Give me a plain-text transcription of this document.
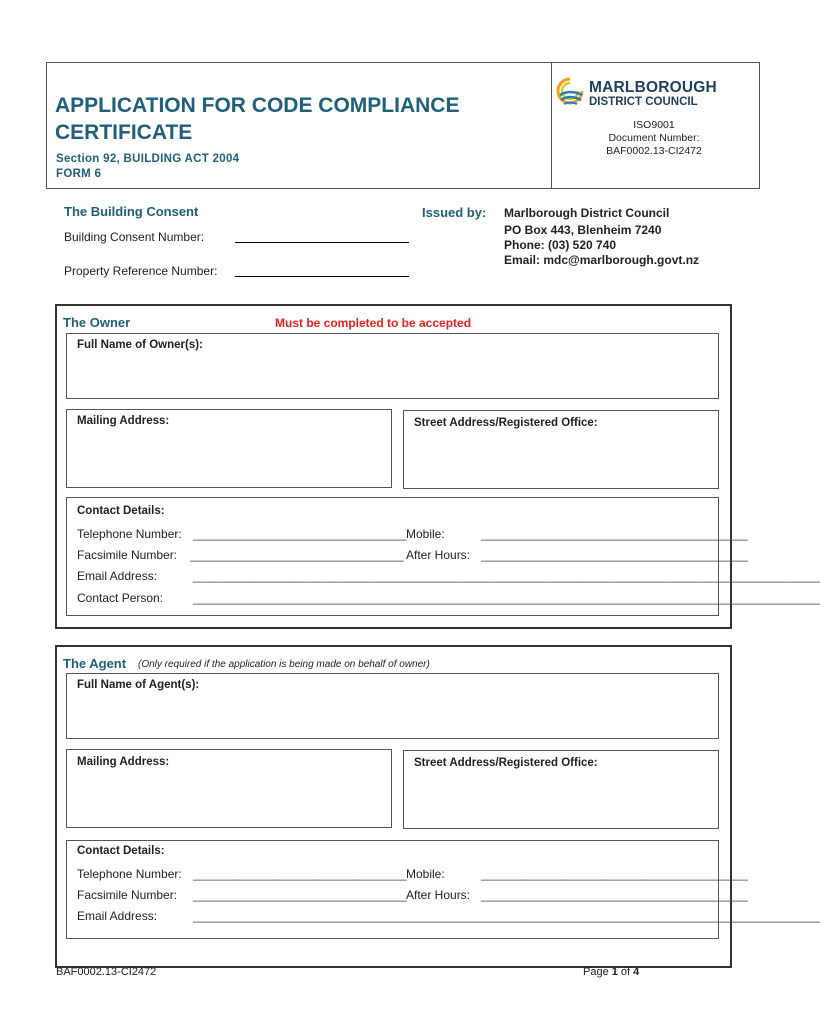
APPLICATION FOR CODE COMPLIANCE
CERTIFICATE
Section 92, BUILDING ACT 2004
FORM 6
MARLBOROUGH
DISTRICT COUNCIL
ISO9001
Document Number:
BAF0002.13-CI2472
The Building Consent
Building Consent Number:
Property Reference Number:
Issued by: Marlborough District Council
PO Box 443, Blenheim 7240
Phone: (03) 520 740
Email: mdc@marlborough.govt.nz
The Owner	Must be completed to be accepted
Full Name of Owner(s):
Mailing Address:	Street Address/Registered Office:
Contact Details:
Telephone Number: ________________________________ Mobile:	________________________________________
Facsimile Number: ________________________________ After Hours: ________________________________________
Email Address:	______________________________________________________________________________________________
Contact Person: ______________________________________________________________________________________________
The Agent (Only required if the application is being made on behalf of owner)
Full Name of Agent(s):
Mailing Address:	Street Address/Registered Office:
Contact Details:
Telephone Number: ________________________________ Mobile:	________________________________________
Facsimile Number: ________________________________ After Hours: ________________________________________
Email Address:	______________________________________________________________________________________________
BAF0002.13-CI2472	Page 1 of 4
